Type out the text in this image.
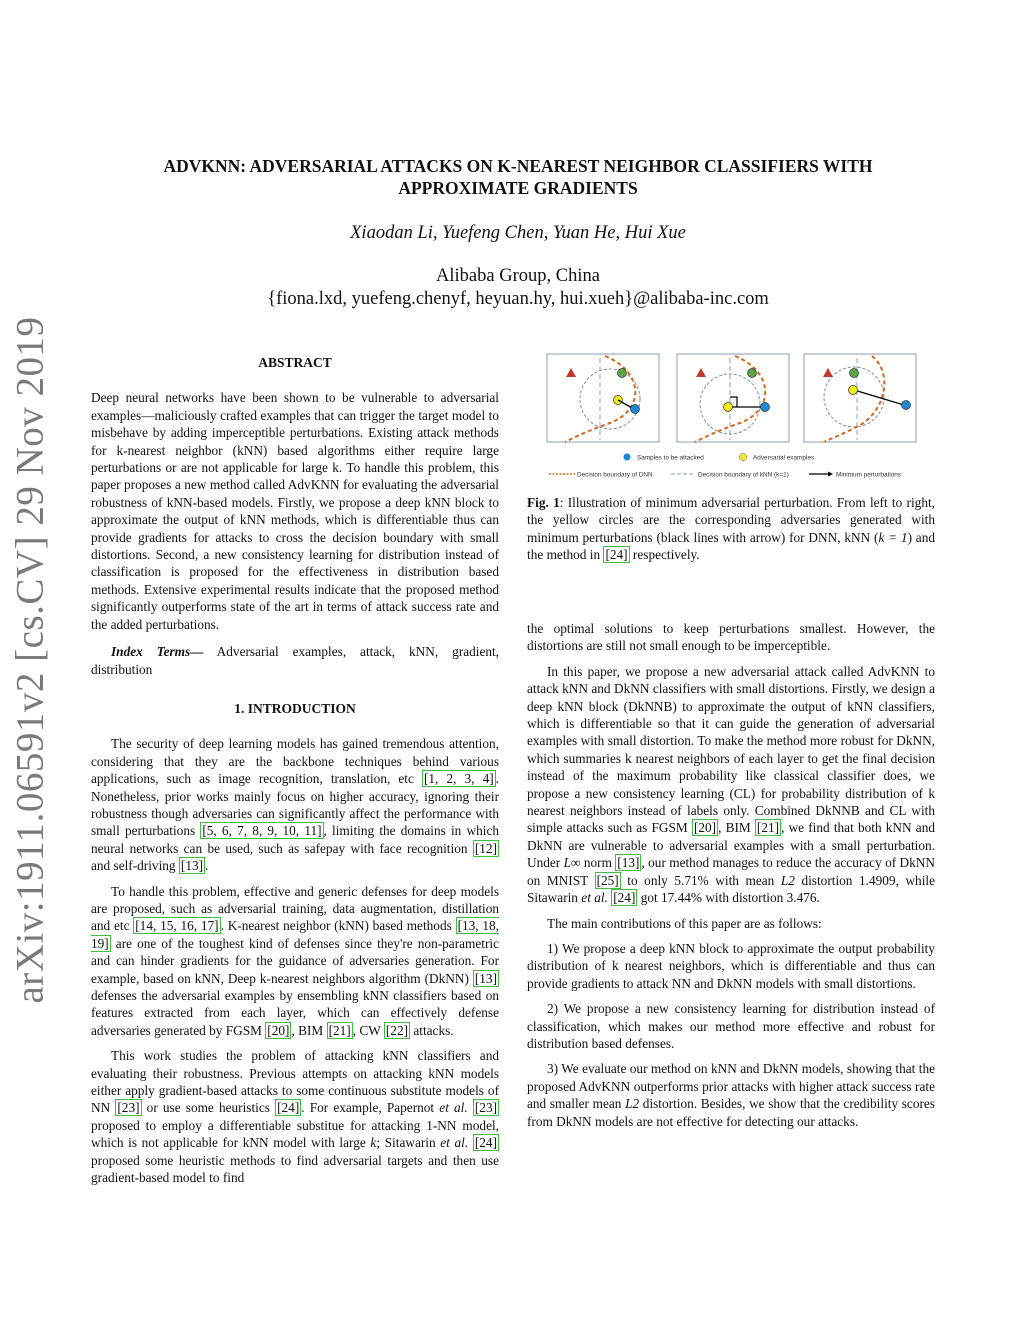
arXiv:1911.06591v2 [cs.CV] 29 Nov 2019
ADVKNN: ADVERSARIAL ATTACKS ON K-NEAREST NEIGHBOR CLASSIFIERS WITH
APPROXIMATE GRADIENTS
Xiaodan Li, Yuefeng Chen, Yuan He, Hui Xue
Alibaba Group, China
{fiona.lxd, yuefeng.chenyf, heyuan.hy, hui.xueh}@alibaba-inc.com
ABSTRACT

Deep neural networks have been shown to be vulnerable to adversarial examples—maliciously crafted examples that can trigger the target model to misbehave by adding imperceptible perturbations. Existing attack methods for k-nearest neighbor (kNN) based algorithms either require large perturbations or are not applicable for large k. To handle this problem, this paper proposes a new method called AdvKNN for evaluating the adversarial robustness of kNN-based models. Firstly, we propose a deep kNN block to approximate the output of kNN methods, which is differentiable thus can provide gradients for attacks to cross the decision boundary with small distortions. Second, a new consistency learning for distribution instead of classification is proposed for the effectiveness in distribution based methods. Extensive experimental results indicate that the proposed method significantly outperforms state of the art in terms of attack success rate and the added perturbations.

Index Terms— Adversarial examples, attack, kNN, gradient, distribution

1. INTRODUCTION

The security of deep learning models has gained tremendous attention, considering that they are the backbone techniques behind various applications, such as image recognition, translation, etc [1, 2, 3, 4] . Nonetheless, prior works mainly focus on higher accuracy, ignoring their robustness though adversaries can significantly affect the performance with small perturbations [5, 6, 7, 8, 9, 10, 11] , limiting the domains in which neural networks can be used, such as safepay with face recognition [12] and self-driving [13] .

To handle this problem, effective and generic defenses for deep models are proposed, such as adversarial training, data augmentation, distillation and etc [14, 15, 16, 17] . K-nearest neighbor (kNN) based methods [13, 18, 19] are one of the toughest kind of defenses since they're non-parametric and can hinder gradients for the guidance of adversaries generation. For example, based on kNN, Deep k-nearest neighbors algorithm (DkNN) [13] defenses the adversarial examples by ensembling kNN classifiers based on features extracted from each layer, which can effectively defense adversaries generated by FGSM [20] , BIM [21] , CW [22] attacks.

This work studies the problem of attacking kNN classifiers and evaluating their robustness. Previous attempts on attacking kNN models either apply gradient-based attacks to some continuous substitute models of NN [23] or use some heuristics [24] . For example, Papernot et al. [23] proposed to employ a differentiable substitue for attacking 1-NN model, which is not applicable for kNN model with large k; Sitawarin et al. [24] proposed some heuristic methods to find adversarial targets and then use gradient-based model to find

Samples to be attacked	Adversarial examples
Decision boundary of DNN	Decision boundary of kNN (k=1)	Minimum perturbations
Fig. 1: Illustration of minimum adversarial perturbation. From left to right, the yellow circles are the corresponding adversaries generated with minimum perturbations (black lines with arrow) for DNN, kNN (k = 1) and the method in [24] respectively.

the optimal solutions to keep perturbations smallest. However, the distortions are still not small enough to be imperceptible.

In this paper, we propose a new adversarial attack called AdvKNN to attack kNN and DkNN classifiers with small distortions. Firstly, we design a deep kNN block (DkNNB) to approximate the output of kNN classifiers, which is differentiable so that it can guide the generation of adversarial examples with small distortion. To make the method more robust for DkNN, which summaries k nearest neighbors of each layer to get the final decision instead of the maximum probability like classical classifier does, we propose a new consistency learning (CL) for probability distribution of k nearest neighbors instead of labels only. Combined DkNNB and CL with simple attacks such as FGSM [20] , BIM [21] , we find that both kNN and DkNN are vulnerable to adversarial examples with a small perturbation. Under L∞ norm [13] , our method manages to reduce the accuracy of DkNN on MNIST [25] to only 5.71% with mean L2 distortion 1.4909, while Sitawarin et al. [24] got 17.44% with distortion 3.476.

The main contributions of this paper are as follows:

1) We propose a deep kNN block to approximate the output probability distribution of k nearest neighbors, which is differentiable and thus can provide gradients to attack NN and DkNN models with small distortions.

2) We propose a new consistency learning for distribution instead of classification, which makes our method more effective and robust for distribution based defenses.

3) We evaluate our method on kNN and DkNN models, showing that the proposed AdvKNN outperforms prior attacks with higher attack success rate and smaller mean L2 distortion. Besides, we show that the credibility scores from DkNN models are not effective for detecting our attacks.
